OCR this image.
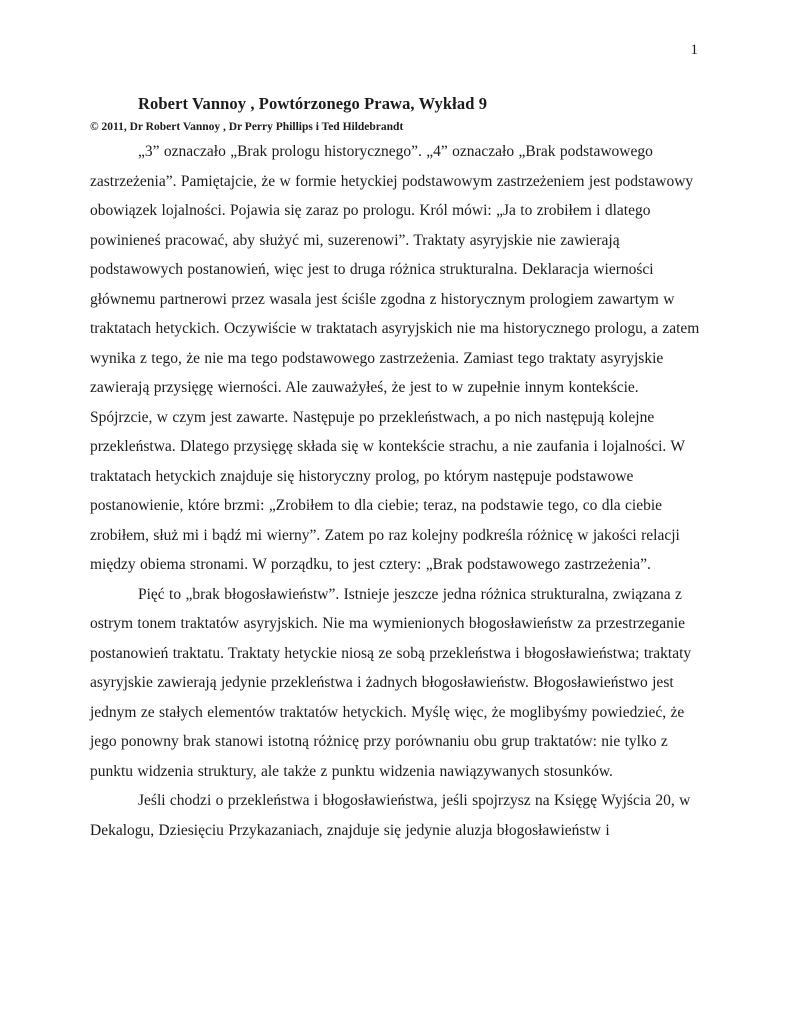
1
Robert Vannoy , Powtórzonego Prawa, Wykład 9
© 2011, Dr Robert Vannoy , Dr Perry Phillips i Ted Hildebrandt

„3” oznaczało „Brak prologu historycznego”. „4” oznaczało „Brak podstawowego zastrzeżenia”. Pamiętajcie, że w formie hetyckiej podstawowym zastrzeżeniem jest podstawowy obowiązek lojalności. Pojawia się zaraz po prologu. Król mówi: „Ja to zrobiłem i dlatego powinieneś pracować, aby służyć mi, suzerenowi”. Traktaty asyryjskie nie zawierają podstawowych postanowień, więc jest to druga różnica strukturalna. Deklaracja wierności głównemu partnerowi przez wasala jest ściśle zgodna z historycznym prologiem zawartym w traktatach hetyckich. Oczywiście w traktatach asyryjskich nie ma historycznego prologu, a zatem wynika z tego, że nie ma tego podstawowego zastrzeżenia. Zamiast tego traktaty asyryjskie zawierają przysięgę wierności. Ale zauważyłeś, że jest to w zupełnie innym kontekście. Spójrzcie, w czym jest zawarte. Następuje po przekleństwach, a po nich następują kolejne przekleństwa. Dlatego przysięgę składa się w kontekście strachu, a nie zaufania i lojalności. W traktatach hetyckich znajduje się historyczny prolog, po którym następuje podstawowe postanowienie, które brzmi: „Zrobiłem to dla ciebie; teraz, na podstawie tego, co dla ciebie zrobiłem, służ mi i bądź mi wierny”. Zatem po raz kolejny podkreśla różnicę w jakości relacji między obiema stronami. W porządku, to jest cztery: „Brak podstawowego zastrzeżenia”.

Pięć to „brak błogosławieństw”. Istnieje jeszcze jedna różnica strukturalna, związana z ostrym tonem traktatów asyryjskich. Nie ma wymienionych błogosławieństw za przestrzeganie postanowień traktatu. Traktaty hetyckie niosą ze sobą przekleństwa i błogosławieństwa; traktaty asyryjskie zawierają jedynie przekleństwa i żadnych błogosławieństw. Błogosławieństwo jest jednym ze stałych elementów traktatów hetyckich. Myślę więc, że moglibyśmy powiedzieć, że jego ponowny brak stanowi istotną różnicę przy porównaniu obu grup traktatów: nie tylko z punktu widzenia struktury, ale także z punktu widzenia nawiązywanych stosunków.

Jeśli chodzi o przekleństwa i błogosławieństwa, jeśli spojrzysz na Księgę Wyjścia 20, w Dekalogu, Dziesięciu Przykazaniach, znajduje się jedynie aluzja błogosławieństw i
